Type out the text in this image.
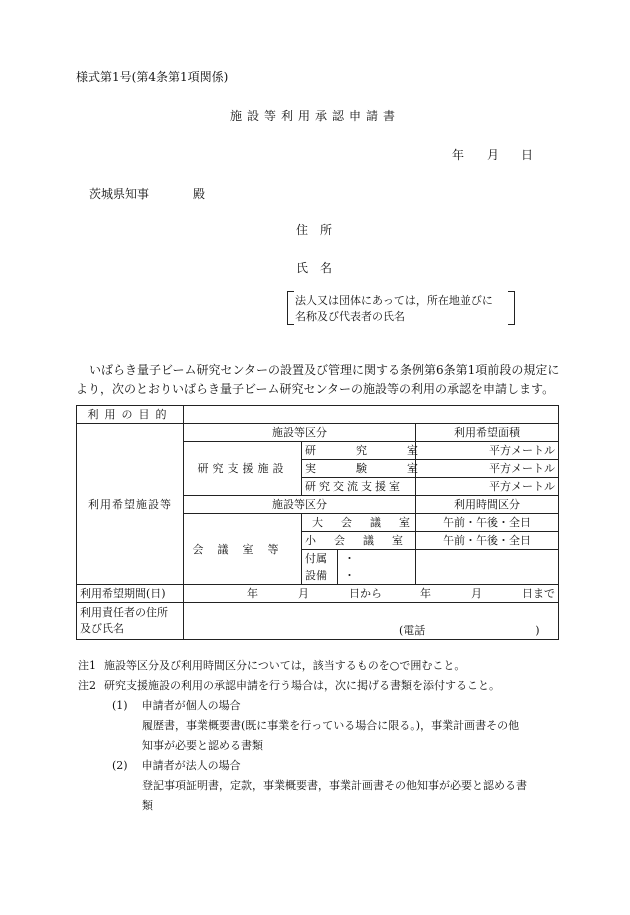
様式第1号(第4条第1項関係)
施設等利用承認申請書
年 月 日
茨城県知事	殿
住所
氏名
法人又は団体にあっては，所在地並びに
名称及び代表者の氏名
いばらき量子ビーム研究センターの設置及び管理に関する条例第6条第1項前段の規定に
より，次のとおりいばらき量子ビーム研究センターの施設等の利用の承認を申請します。
利用の目的			
利用希望施設等	施設等区分		利用希望面積
	研究支援施設	研究室	平方メートル
		実験室	平方メートル
		研究交流支援室	平方メートル
	施設等区分		利用時間区分
	会議室等	大会議室	午前・午後・全日
		小会議室	午前・午後・全日
		付属 ・	
		設備 ・	
利用希望期間(日)	年 月 日から 年 月 日まで		

利用責任者の住所
及び氏名	(電話 )		
注1 施設等区分及び利用時間区分については，該当するものを○で囲むこと。
注2 研究支援施設の利用の承認申請を行う場合は，次に掲げる書類を添付すること。
(1) 申請者が個人の場合
履歴書，事業概要書(既に事業を行っている場合に限る。)，事業計画書その他
知事が必要と認める書類
(2) 申請者が法人の場合
登記事項証明書，定款，事業概要書，事業計画書その他知事が必要と認める書
類
